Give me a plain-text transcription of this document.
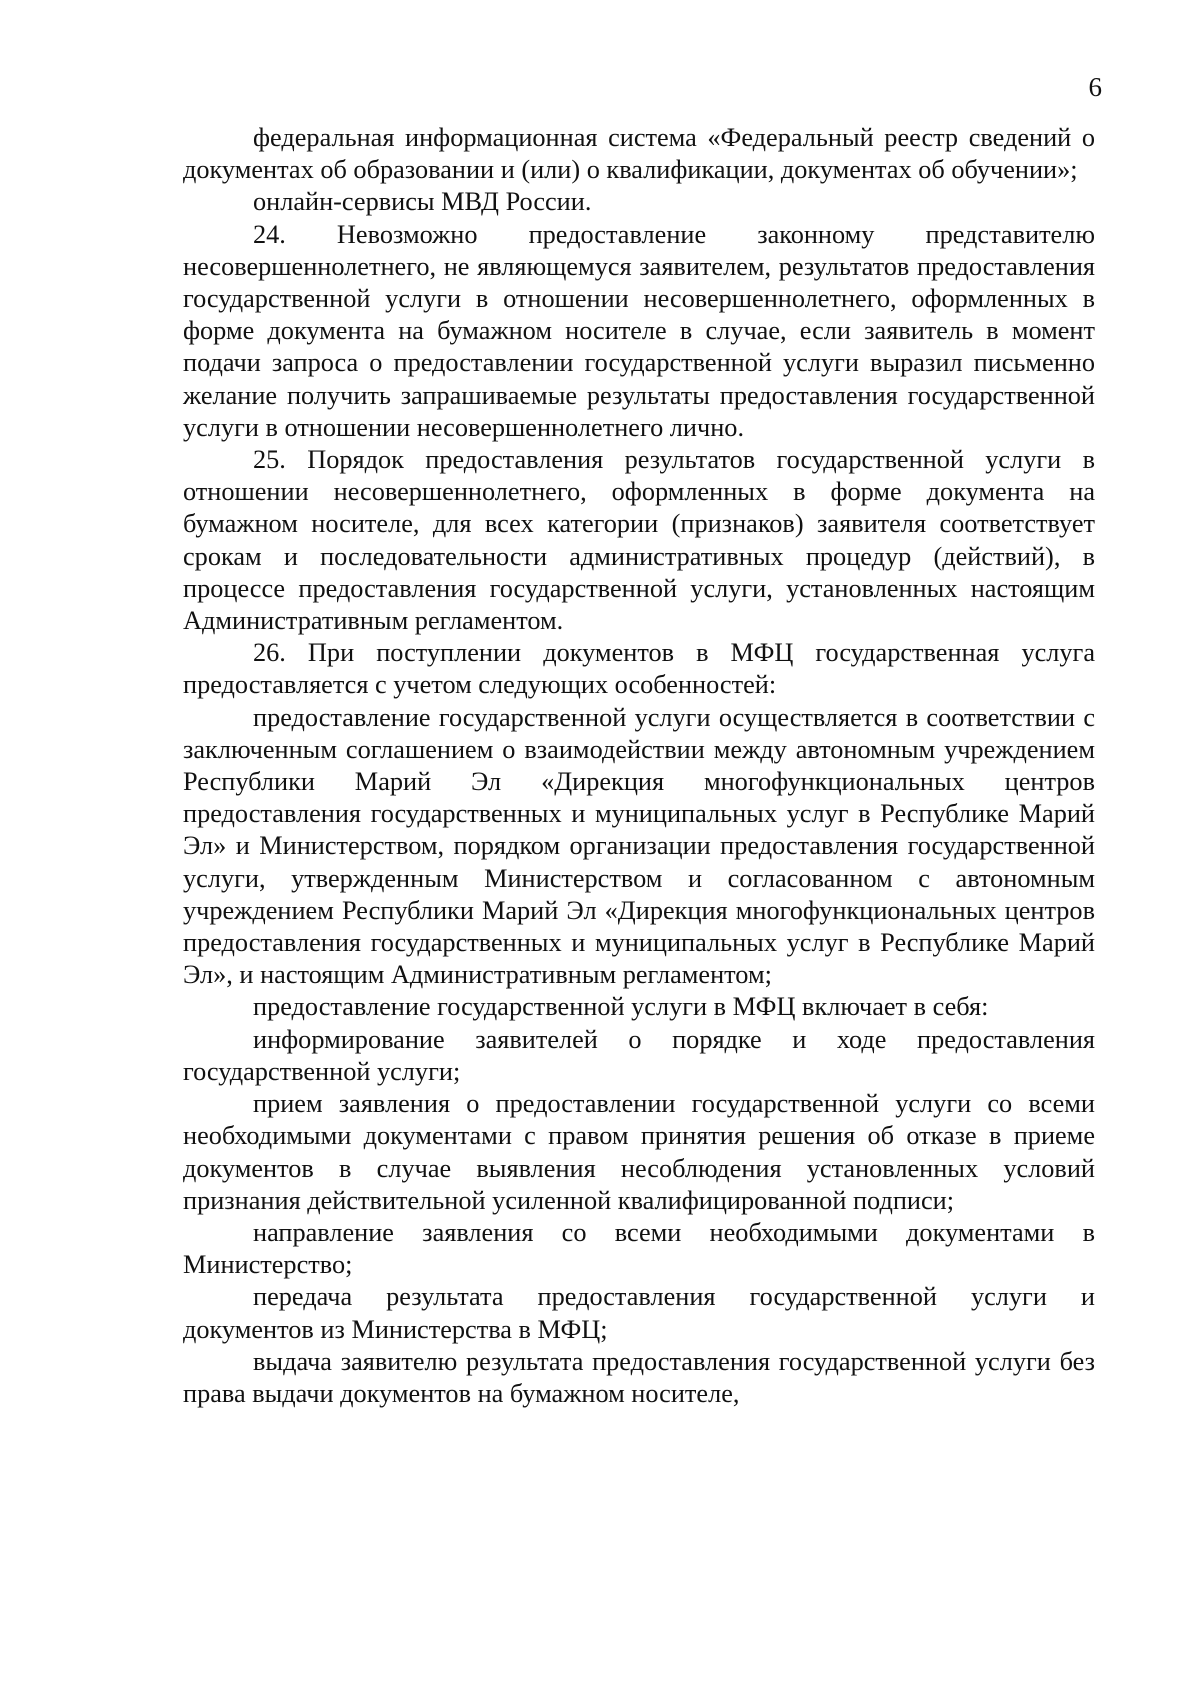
6

федеральная информационная система «Федеральный реестр сведений о документах об образовании и (или) о квалификации, документах об обучении»;

онлайн-сервисы МВД России.

24. Невозможно предоставление законному представителю несовершеннолетнего, не являющемуся заявителем, результатов предоставления государственной услуги в отношении несовершеннолетнего, оформленных в форме документа на бумажном носителе в случае, если заявитель в момент подачи запроса о предоставлении государственной услуги выразил письменно желание получить запрашиваемые результаты предоставления государственной услуги в отношении несовершеннолетнего лично.

25. Порядок предоставления результатов государственной услуги в отношении несовершеннолетнего, оформленных в форме документа на бумажном носителе, для всех категории (признаков) заявителя соответствует срокам и последовательности административных процедур (действий), в процессе предоставления государственной услуги, установленных настоящим Административным регламентом.

26. При поступлении документов в МФЦ государственная услуга предоставляется с учетом следующих особенностей:

предоставление государственной услуги осуществляется в соответствии с заключенным соглашением о взаимодействии между автономным учреждением Республики Марий Эл «Дирекция многофункциональных центров предоставления государственных и муниципальных услуг в Республике Марий Эл» и Министерством, порядком организации предоставления государственной услуги, утвержденным Министерством и согласованном с автономным учреждением Республики Марий Эл «Дирекция многофункциональных центров предоставления государственных и муниципальных услуг в Республике Марий Эл», и настоящим Административным регламентом;

предоставление государственной услуги в МФЦ включает в себя:

информирование заявителей о порядке и ходе предоставления государственной услуги;

прием заявления о предоставлении государственной услуги со всеми необходимыми документами с правом принятия решения об отказе в приеме документов в случае выявления несоблюдения установленных условий признания действительной усиленной квалифицированной подписи;

направление заявления со всеми необходимыми документами в Министерство;

передача результата предоставления государственной услуги и документов из Министерства в МФЦ;

выдача заявителю результата предоставления государственной услуги без права выдачи документов на бумажном носителе,
